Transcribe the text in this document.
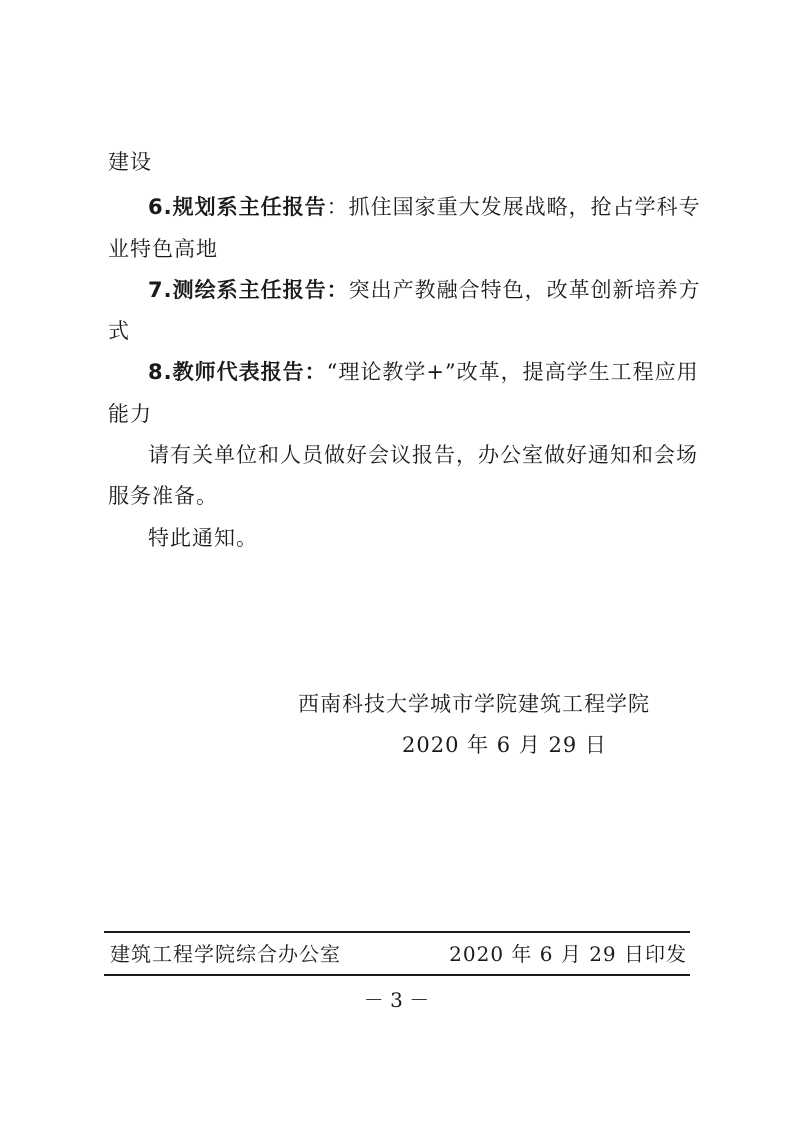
建设
6.规划系主任报告：抓住国家重大发展战略，抢占学科专
业特色高地
7.测绘系主任报告：突出产教融合特色，改革创新培养方
式
8.教师代表报告：“理论教学+”改革，提高学生工程应用
能力
请有关单位和人员做好会议报告，办公室做好通知和会场
服务准备。
特此通知。
西南科技大学城市学院建筑工程学院
2020 年 6 月 29 日
建筑工程学院综合办公室	2020 年 6 月 29 日印发
－ 3 －
